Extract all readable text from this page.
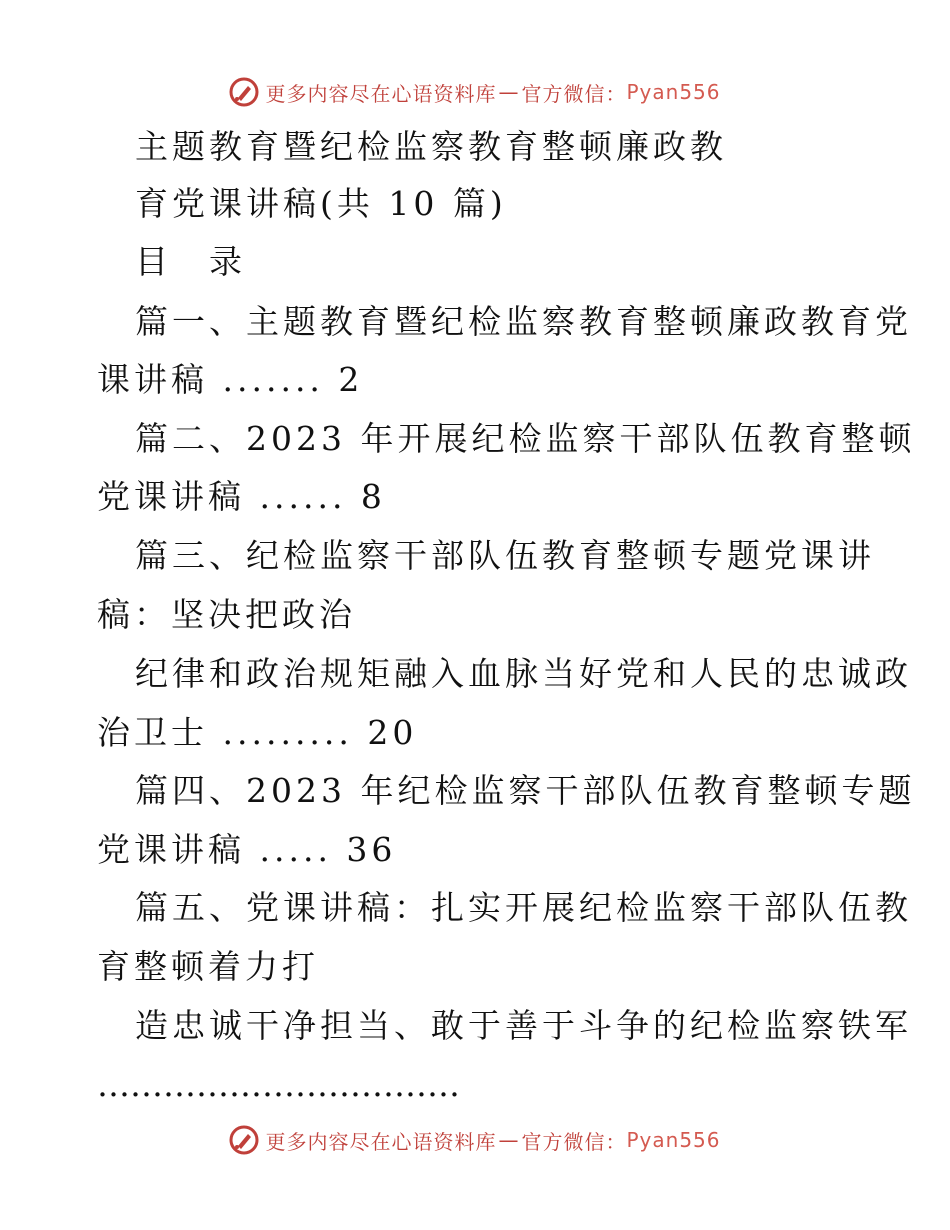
更多内容尽在心语资料库 — 官方微信： Pyan556
主题教育暨纪检监察教育整顿廉政教
育党课讲稿(共 10 篇)
目　录
篇一、主题教育暨纪检监察教育整顿廉政教育党
课讲稿 ....... 2
篇二、2023 年开展纪检监察干部队伍教育整顿
党课讲稿 ...... 8
篇三、纪检监察干部队伍教育整顿专题党课讲
稿：坚决把政治
纪律和政治规矩融入血脉当好党和人民的忠诚政
治卫士 ......... 20
篇四、2023 年纪检监察干部队伍教育整顿专题
党课讲稿 ..... 36
篇五、党课讲稿：扎实开展纪检监察干部队伍教
育整顿着力打
造忠诚干净担当、敢于善于斗争的纪检监察铁军
……………………………
更多内容尽在心语资料库 — 官方微信： Pyan556
